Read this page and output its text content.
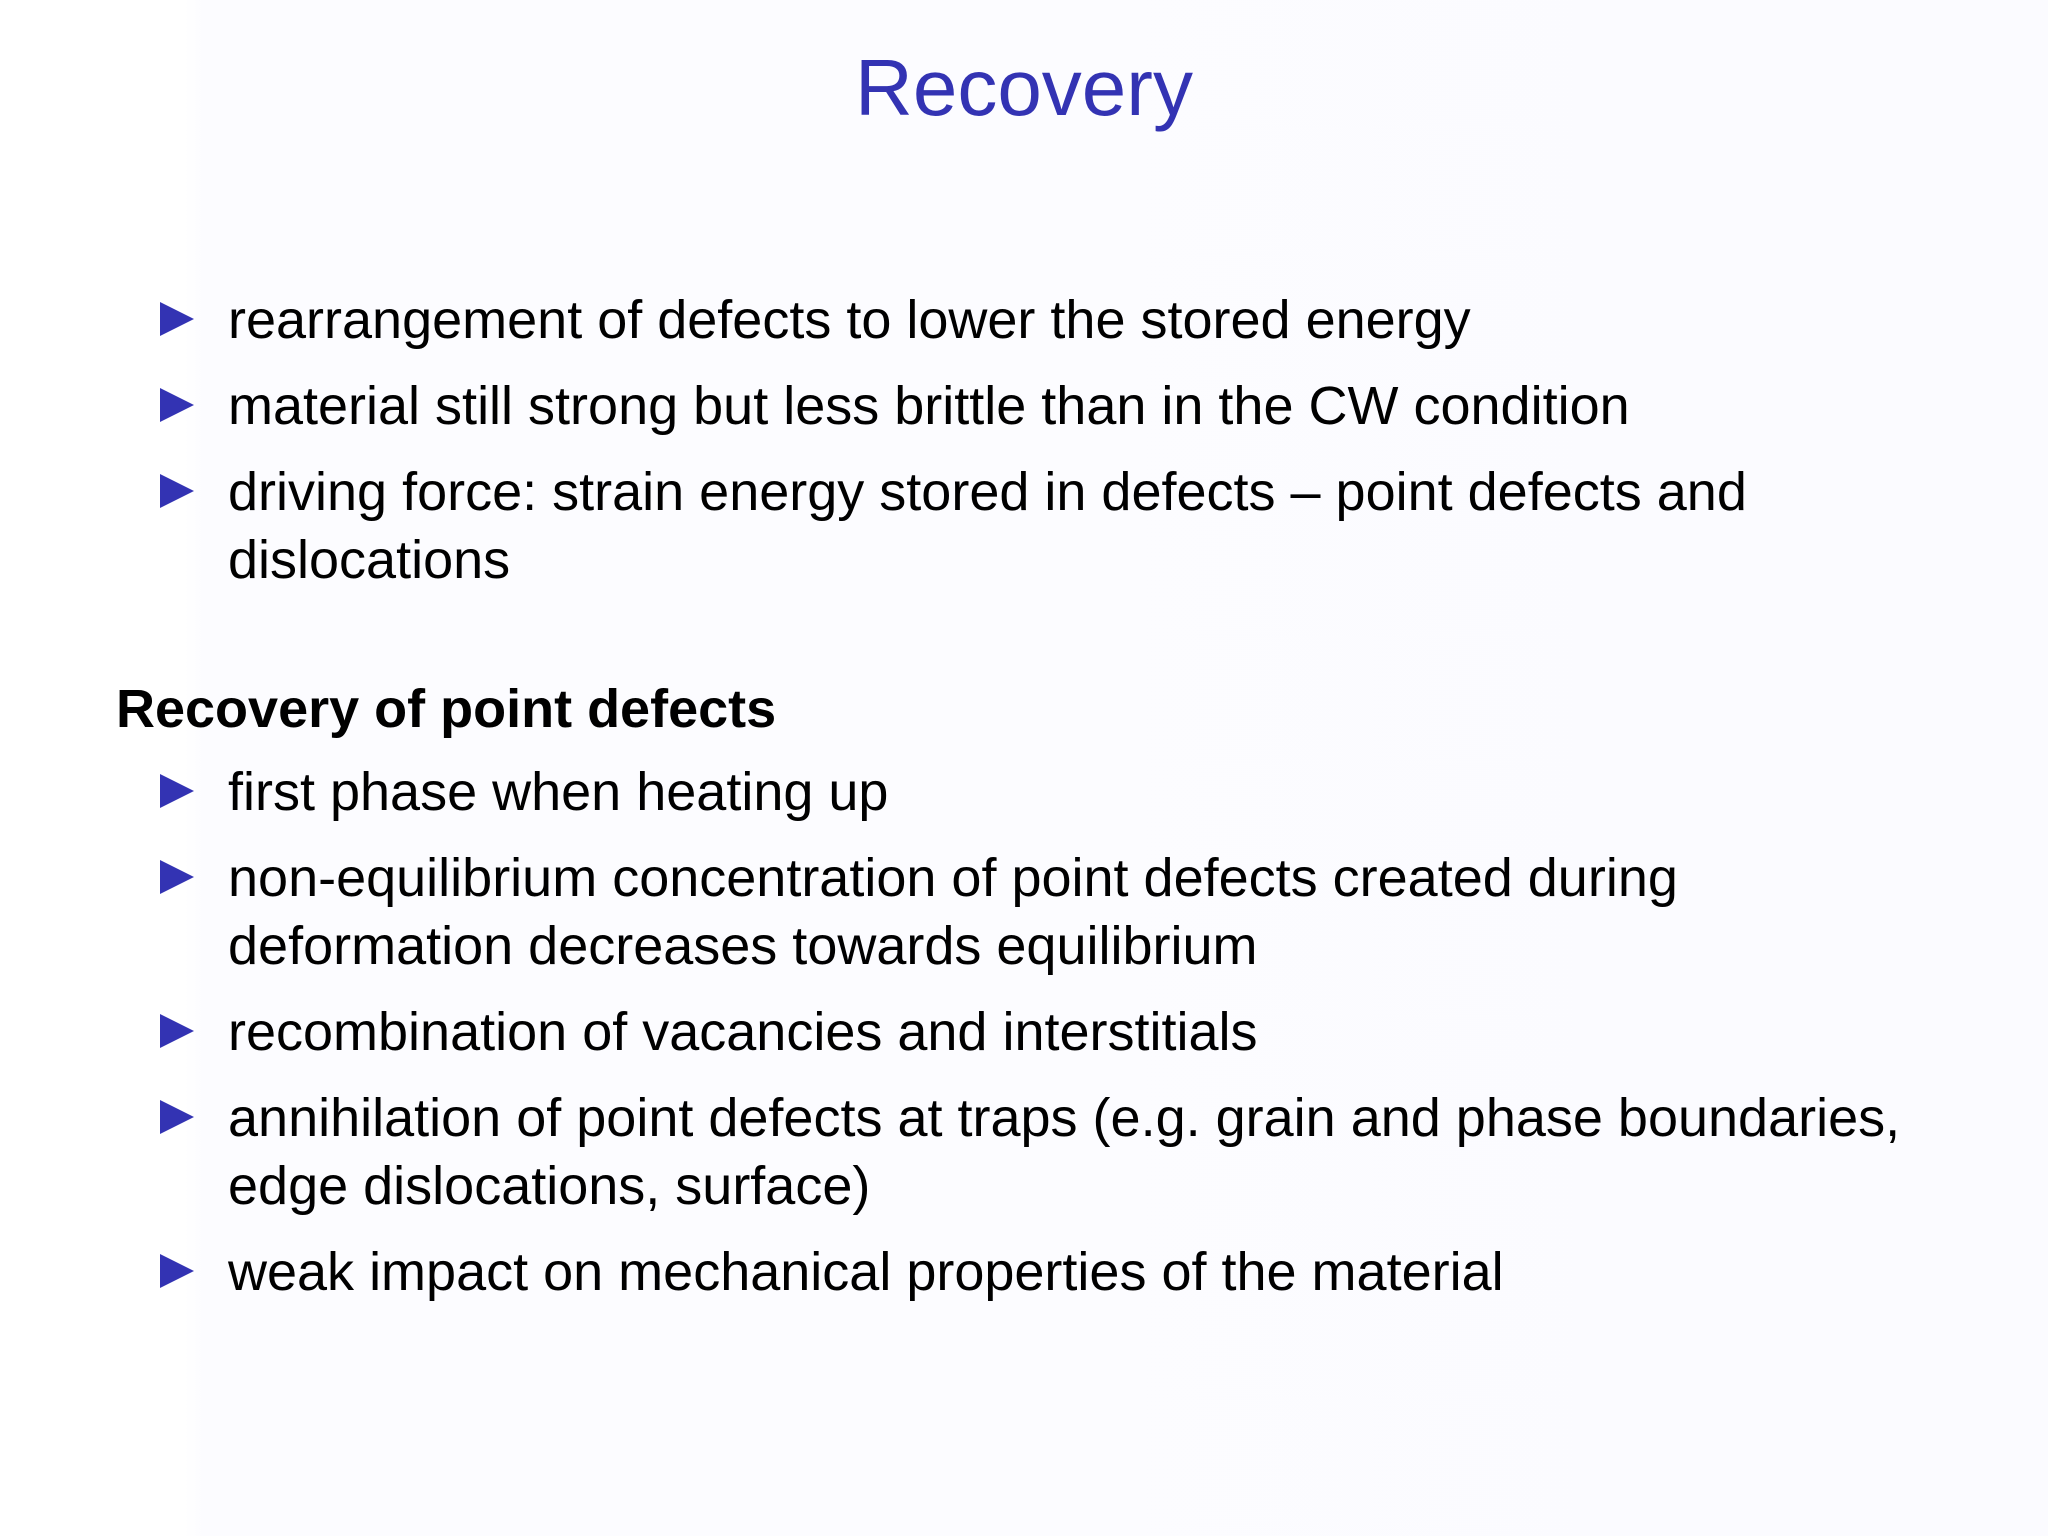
Recovery
rearrangement of defects to lower the stored energy
material still strong but less brittle than in the CW condition
driving force: strain energy stored in defects – point defects and dislocations
Recovery of point defects
first phase when heating up
non-equilibrium concentration of point defects created during deformation decreases towards equilibrium
recombination of vacancies and interstitials
annihilation of point defects at traps (e.g. grain and phase boundaries, edge dislocations, surface)
weak impact on mechanical properties of the material
